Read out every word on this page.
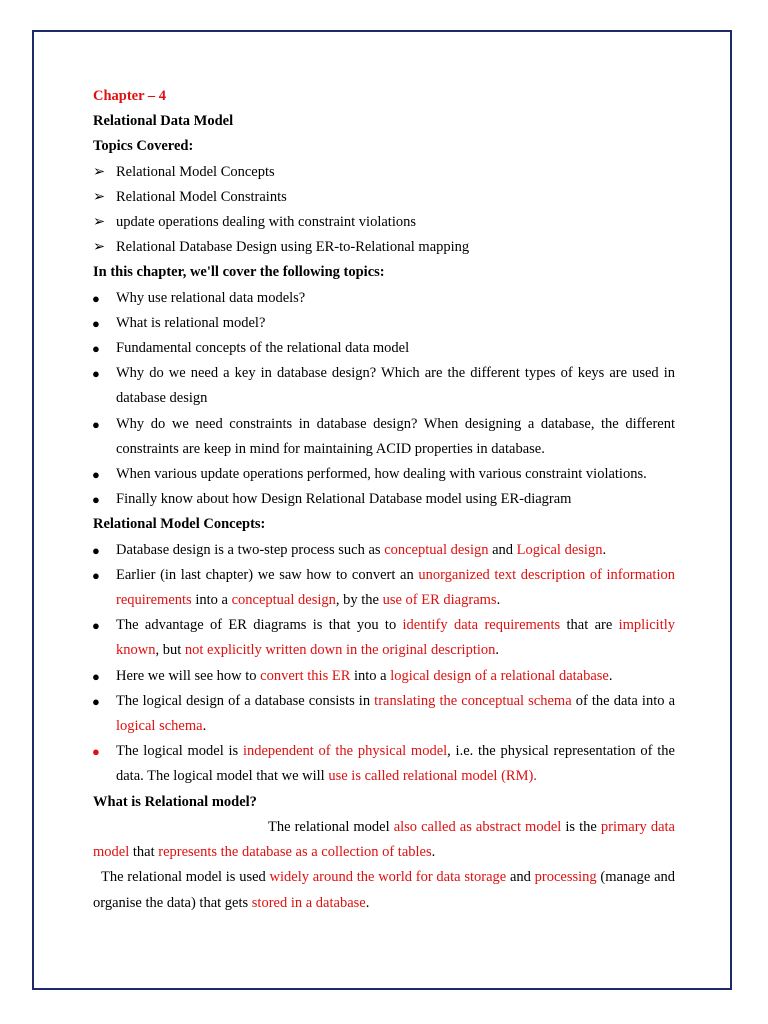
Chapter – 4
Relational Data Model
Topics Covered:
➢ Relational Model Concepts
➢ Relational Model Constraints
➢ update operations dealing with constraint violations
➢ Relational Database Design using ER-to-Relational mapping
In this chapter, we'll cover the following topics:
●	Why use relational data models?
●	What is relational model?
●	Fundamental concepts of the relational data model
●	Why do we need a key in database design? Which are the different types of keys are used in database design
●	Why do we need constraints in database design? When designing a database, the different constraints are keep in mind for maintaining ACID properties in database.
●	When various update operations performed, how dealing with various constraint violations.
●	Finally know about how Design Relational Database model using ER-diagram
Relational Model Concepts:
●	Database design is a two-step process such as conceptual design and Logical design.
●	Earlier (in last chapter) we saw how to convert an unorganized text description of information requirements into a conceptual design, by the use of ER diagrams.
●	The advantage of ER diagrams is that you to identify data requirements that are implicitly known, but not explicitly written down in the original description.
●	Here we will see how to convert this ER into a logical design of a relational database.
●	The logical design of a database consists in translating the conceptual schema of the data into a logical schema.
●	The logical model is independent of the physical model, i.e. the physical representation of the data. The logical model that we will use is called relational model (RM).
What is Relational model?
The relational model also called as abstract model is the primary data model that represents the database as a collection of tables.
The relational model is used widely around the world for data storage and processing (manage and organise the data) that gets stored in a database.
